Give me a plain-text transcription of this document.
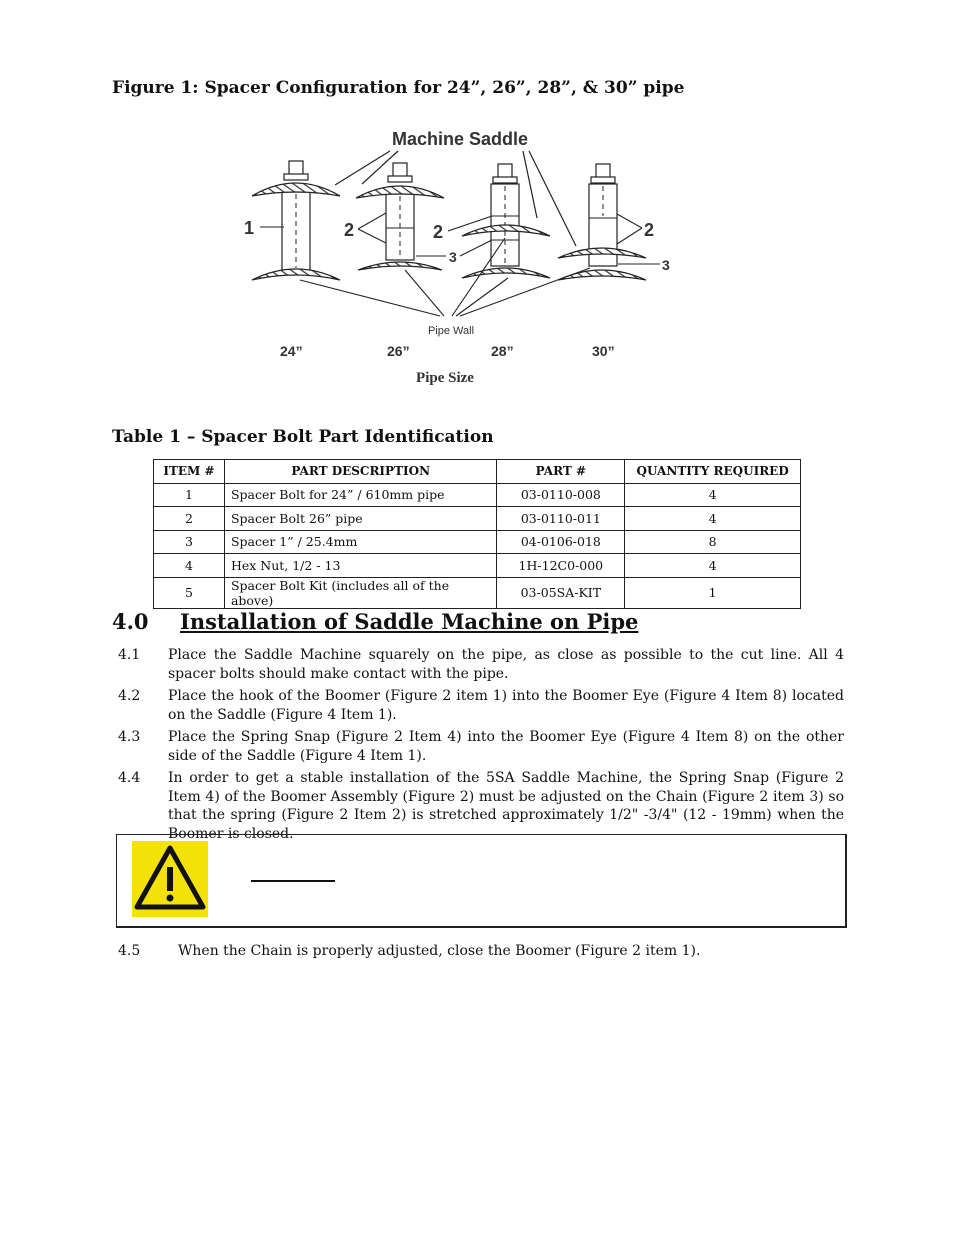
Figure 1: Spacer Configuration for 24”, 26”, 28”, & 30” pipe
Machine Saddle
1	2	2
3
2
3
Pipe Wall
24”	26”	28”	30”
Pipe Size
Table 1 – Spacer Bolt Part Identification
ITEM #	PART DESCRIPTION	PART #	QUANTITY REQUIRED
1	Spacer Bolt for 24” / 610mm pipe	03-0110-008	4
2	Spacer Bolt 26” pipe	03-0110-011	4
3	Spacer 1” / 25.4mm	04-0106-018	8
4	Hex Nut, 1/2 - 13	1H-12C0-000	4
5	Spacer Bolt Kit (includes all of the above)	03-05SA-KIT	1
4.0 Installation of Saddle Machine on Pipe
4.1 Place the Saddle Machine squarely on the pipe, as close as possible to the cut line. All 4 spacer bolts should make contact with the pipe.
4.2 Place the hook of the Boomer (Figure 2 item 1) into the Boomer Eye (Figure 4 Item 8) located on the Saddle (Figure 4 Item 1).
4.3 Place the Spring Snap (Figure 2 Item 4) into the Boomer Eye (Figure 4 Item 8) on the other side of the Saddle (Figure 4 Item 1).
4.4 In order to get a stable installation of the 5SA Saddle Machine, the Spring Snap (Figure 2 Item 4) of the Boomer Assembly (Figure 2) must be adjusted on the Chain (Figure 2 item 3) so that the spring (Figure 2 Item 2) is stretched approximately 1/2" -3/4" (12 - 19mm) when the Boomer is closed.
4.5	When the Chain is properly adjusted, close the Boomer (Figure 2 item 1).
